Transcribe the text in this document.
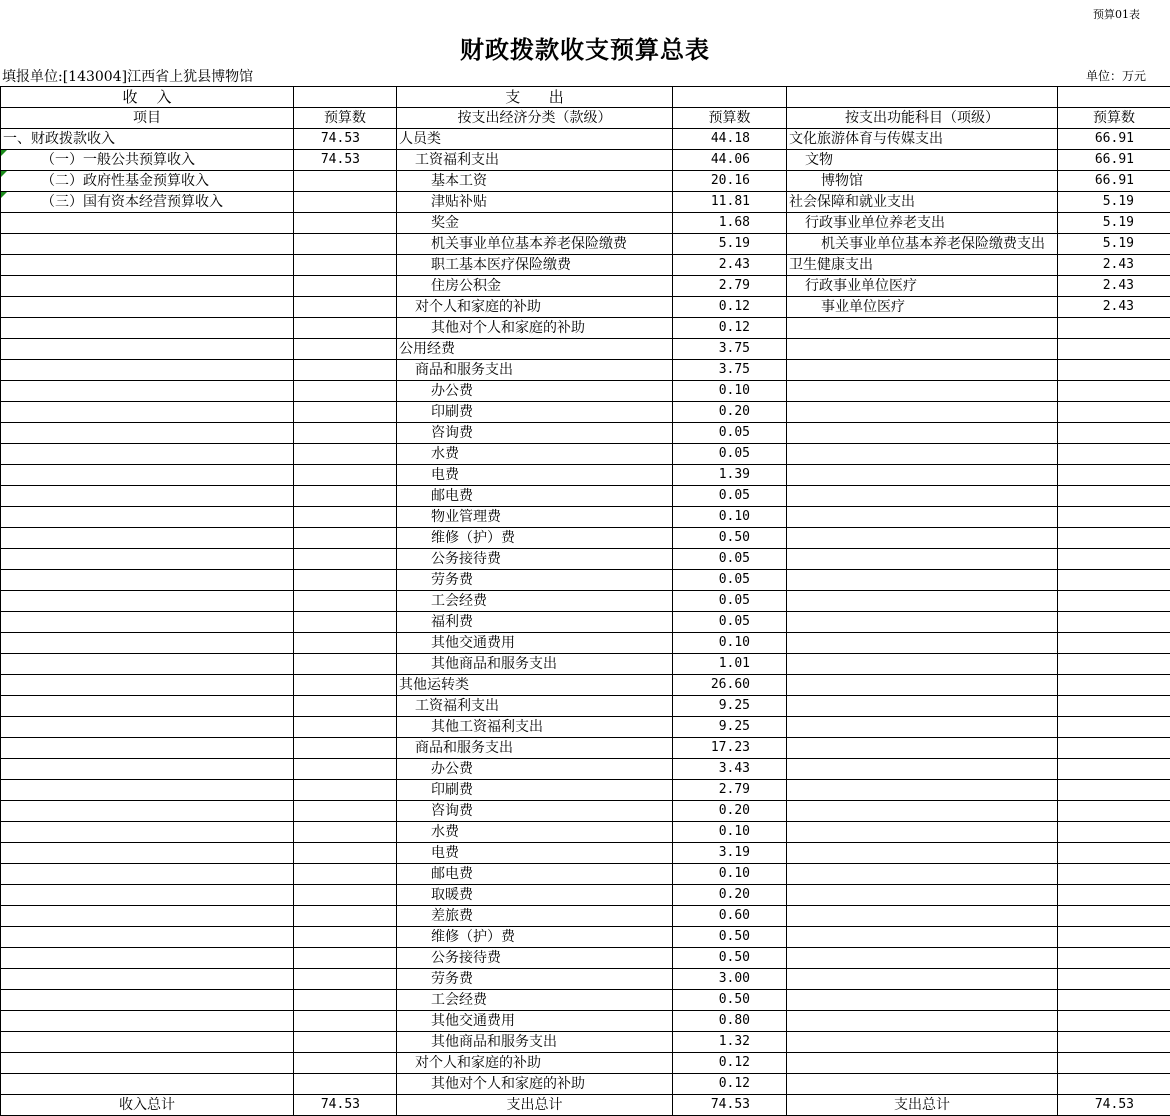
预算01表
财政拨款收支预算总表
填报单位:[143004]江西省上犹县博物馆	单位：万元
收    入		支      出			
项目	预算数	按支出经济分类（款级）	预算数	按支出功能科目（项级）	预算数
一、财政拨款收入	74.53	人员类	44.18	文化旅游体育与传媒支出	66.91
（一）一般公共预算收入	74.53	工资福利支出	44.06	文物	66.91
（二）政府性基金预算收入		基本工资	20.16	博物馆	66.91
（三）国有资本经营预算收入		津贴补贴	11.81	社会保障和就业支出	5.19
		奖金	1.68	行政事业单位养老支出	5.19
		机关事业单位基本养老保险缴费	5.19	机关事业单位基本养老保险缴费支出	5.19
		职工基本医疗保险缴费	2.43	卫生健康支出	2.43
		住房公积金	2.79	行政事业单位医疗	2.43
		对个人和家庭的补助	0.12	事业单位医疗	2.43
		其他对个人和家庭的补助	0.12		
		公用经费	3.75		
		商品和服务支出	3.75		
		办公费	0.10		
		印刷费	0.20		
		咨询费	0.05		
		水费	0.05		
		电费	1.39		
		邮电费	0.05		
		物业管理费	0.10		
		维修（护）费	0.50		
		公务接待费	0.05		
		劳务费	0.05		
		工会经费	0.05		
		福利费	0.05		
		其他交通费用	0.10		
		其他商品和服务支出	1.01		
		其他运转类	26.60		
		工资福利支出	9.25		
		其他工资福利支出	9.25		
		商品和服务支出	17.23		
		办公费	3.43		
		印刷费	2.79		
		咨询费	0.20		
		水费	0.10		
		电费	3.19		
		邮电费	0.10		
		取暖费	0.20		
		差旅费	0.60		
		维修（护）费	0.50		
		公务接待费	0.50		
		劳务费	3.00		
		工会经费	0.50		
		其他交通费用	0.80		
		其他商品和服务支出	1.32		
		对个人和家庭的补助	0.12		
		其他对个人和家庭的补助	0.12		
收入总计	74.53	支出总计	74.53	支出总计	74.53
